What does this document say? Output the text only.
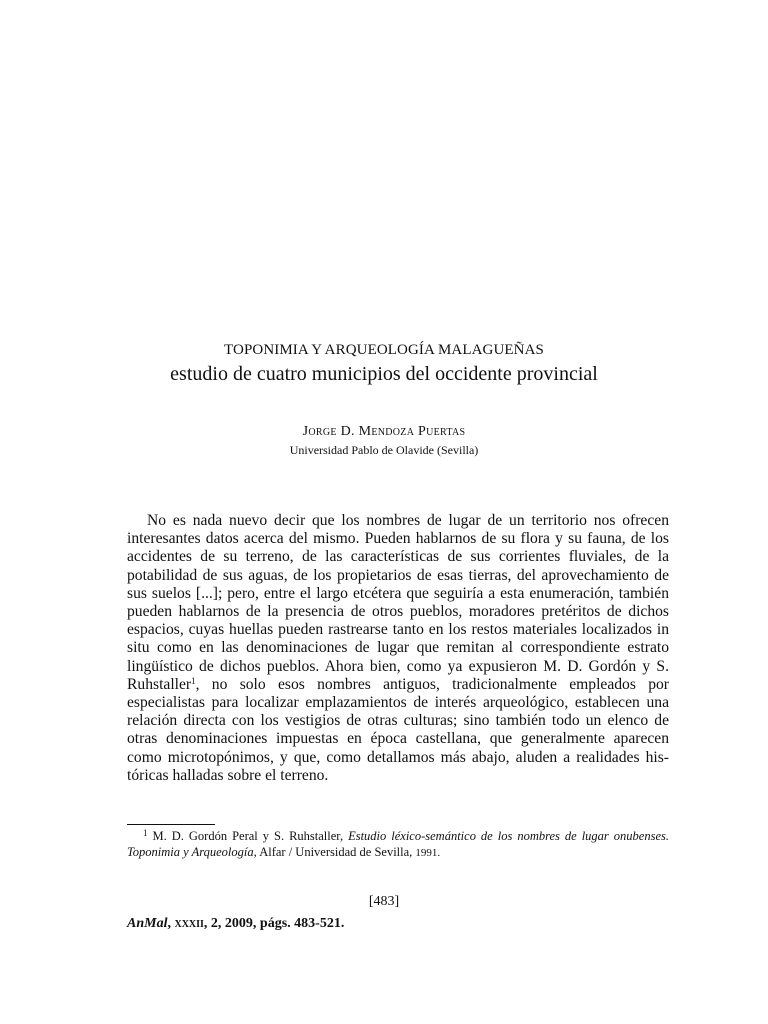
TOPONIMIA Y ARQUEOLOGÍA MALAGUEÑAS
estudio de cuatro municipios del occidente provincial
Jorge D. Mendoza Puertas
Universidad Pablo de Olavide (Sevilla)

No es nada nuevo decir que los nombres de lugar de un territorio nos ofrecen interesantes datos acerca del mismo. Pueden hablarnos de su flora y su fauna, de los accidentes de su terreno, de las características de sus corrientes fluviales, de la potabilidad de sus aguas, de los propietarios de esas tierras, del aprovechamiento de sus suelos [...]; pero, entre el largo etcétera que seguiría a esta enumeración, también pueden hablarnos de la presencia de otros pueblos, moradores pretéritos de dichos espacios, cuyas huellas pueden rastrearse tanto en los restos materiales localizados in situ como en las denominaciones de lugar que remitan al correspondiente estrato lingüístico de dichos pueblos. Ahora bien, como ya expusieron M. D. Gordón y S. Ruhstaller$^1$, no solo esos nombres antiguos, tradicionalmente empleados por especialistas para localizar emplazamientos de interés arqueológico, establecen una relación directa con los vestigios de otras culturas; sino también todo un elenco de otras denominaciones impuestas en época castellana, que generalmente aparecen como microtopónimos, y que, como detallamos más abajo, aluden a realidades históricas halladas sobre el terreno.

$^1$ M. D. Gordón Peral y S. Ruhstaller, Estudio léxico-semántico de los nombres de lugar onubenses. Toponimia y Arqueología, Alfar / Universidad de Sevilla, 1991.

[483]
AnMal, xxxii, 2, 2009, págs. 483-521.
